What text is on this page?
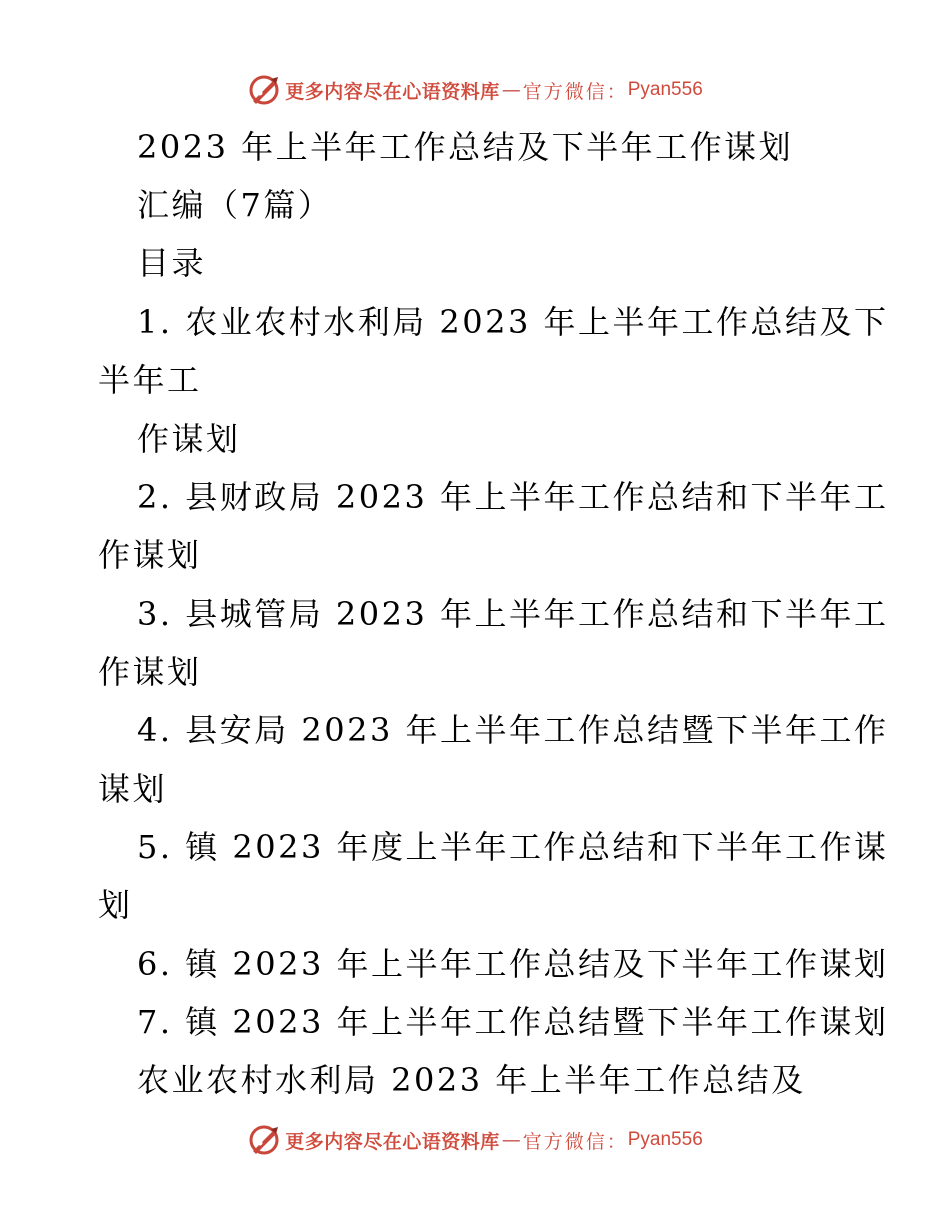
更多内容尽在心语资料库 — 官方微信： Pyan556
2023 年上半年工作总结及下半年工作谋划
汇编（7篇）
目录
1. 农业农村水利局 2023 年上半年工作总结及下
半年工
作谋划
2. 县财政局 2023 年上半年工作总结和下半年工
作谋划
3. 县城管局 2023 年上半年工作总结和下半年工
作谋划
4. 县安局 2023 年上半年工作总结暨下半年工作
谋划
5. 镇 2023 年度上半年工作总结和下半年工作谋
划
6. 镇 2023 年上半年工作总结及下半年工作谋划
7. 镇 2023 年上半年工作总结暨下半年工作谋划
农业农村水利局 2023 年上半年工作总结及
更多内容尽在心语资料库 — 官方微信： Pyan556
